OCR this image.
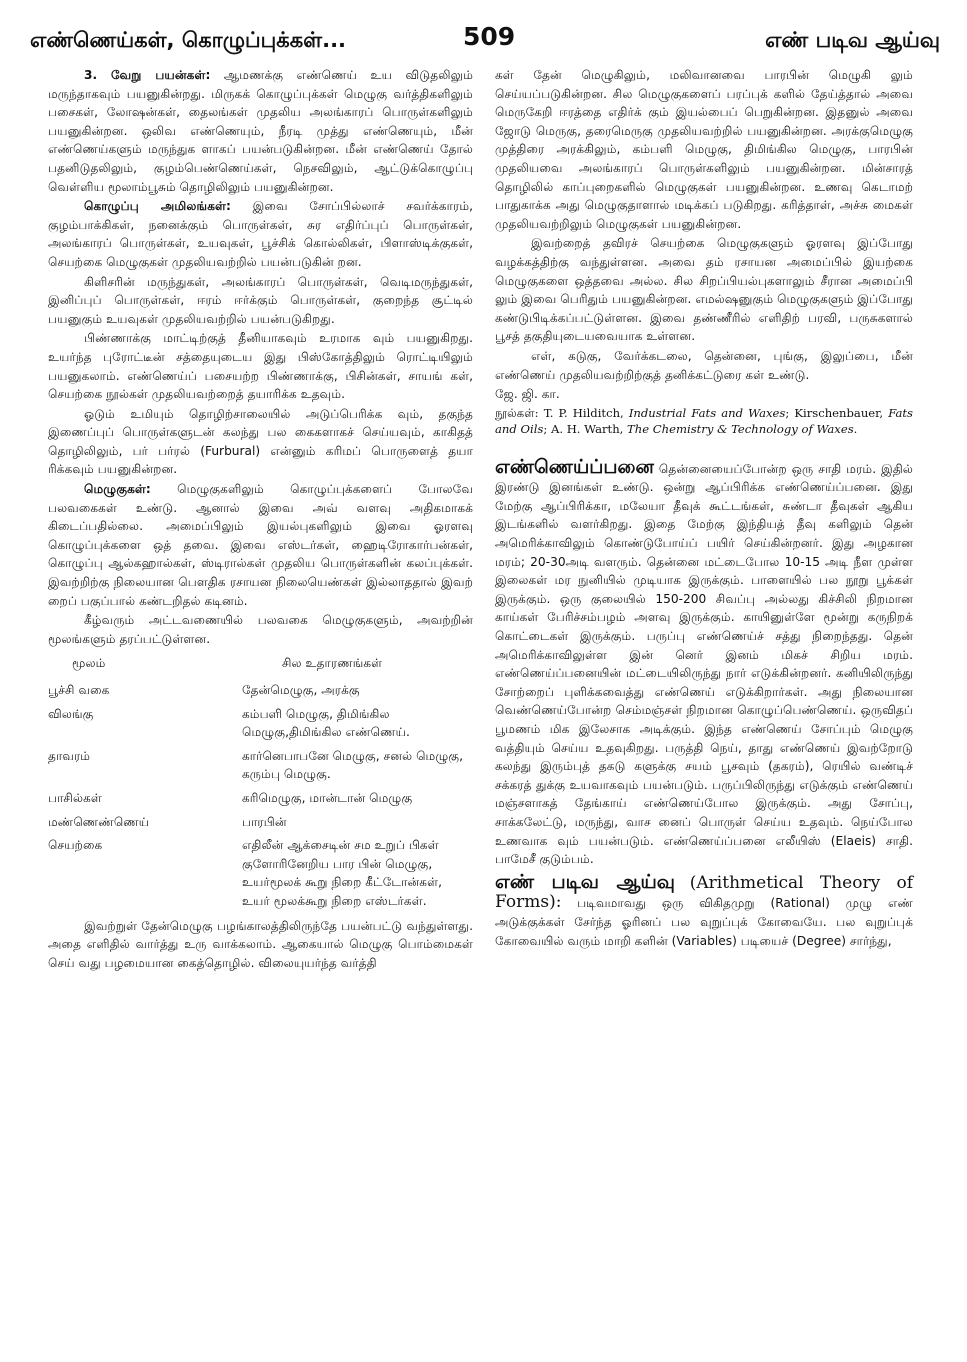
எண்ணெய்கள், கொழுப்புக்கள்...	509	எண் படிவ ஆய்வு

3. வேறு பயன்கள்: ஆமணக்கு எண்ணெய் உய விடுதலிலும் மருந்தாகவும் பயனுகின்றது. மிருகக் கொழுப்புக்கள் மெழுகு வர்த்திகளிலும் பசைகள், லோஷன்கள், தைலங்கள் முதலிய அலங்காரப் பொருள்களிலும் பயனுகின்றன. ஒலிவ எண்ணெயும், நீரடி முத்து எண்ணெயும், மீன் எண்ணெய்களும் மருந்துக ளாகப் பயன்படுகின்றன. மீன் எண்ணெய் தோல் பதனிடுதலிலும், குழம்பெண்ணெய்கள், நெசவிலும், ஆட்டுக்கொழுப்பு வெள்ளிய மூலாம்பூசும் தொழிலிலும் பயனுகின்றன.

கொழுப்பு அமிலங்கள்: இவை சோப்பில்லாச் சவர்க்காரம், குழம்பாக்கிகள், நனைக்கும் பொருள்கள், சுர எதிர்ப்புப் பொருள்கள், அலங்காரப் பொருள்கள், உயவுகள், பூச்சிக் கொல்லிகள், பிளாஸ்டிக்குகள், செயற்கை மெழுகுகள் முதலியவற்றில் பயன்படுகின் றன.

கிளிசரின் மருந்துகள், அலங்காரப் பொருள்கள், வெடிமருந்துகள், இனிப்புப் பொருள்கள், ஈரம் ஈர்க்கும் பொருள்கள், குறைந்த சூட்டில் பயனுகும் உயவுகள் முதலியவற்றில் பயன்படுகிறது.

பிண்ணாக்கு மாட்டிற்குத் தீனியாகவும் உரமாக வும் பயனுகிறது. உயர்ந்த புரோட்டீன் சத்தையுடைய இது பிஸ்கோத்திலும் ரொட்டியிலும் பயனுகலாம். எண்ணெய்ப் பசையற்ற பிண்ணாக்கு, பிசின்கள், சாயங் கள், செயற்கை நூல்கள் முதலியவற்றைத் தயாரிக்க உதவும்.

ஓடும் உமியும் தொழிற்சாலையில் அடுப்பெரிக்க வும், தகுந்த இணைப்புப் பொருள்களுடன் கலந்து பல கைகளாகச் செய்யவும், காகிதத் தொழிலிலும், பர் பர்ரல் (Furbural) என்னும் கரிமப் பொருளைத் தயா ரிக்கவும் பயனுகின்றன.

மெழுகுகள்: மெழுகுகளிலும் கொழுப்புக்களைப் போலவே பலவகைகள் உண்டு. ஆனால் இவை அவ் வளவு அதிகமாகக் கிடைப்பதில்லை. அமைப்பிலும் இயல்புகளிலும் இவை ஓரளவு கொழுப்புக்களை ஒத் தவை. இவை எஸ்டர்கள், ஹைடிரோகார்பன்கள், கொழுப்பு ஆல்கஹால்கள், ஸ்டிரால்கள் முதலிய பொருள்களின் கலப்புக்கள். இவற்றிற்கு நிலையான பௌதிக ரசாயன நிலையெண்கள் இல்லாததால் இவற் றைப் பகுப்பால் கண்டறிதல் கடினம்.

கீழ்வரும் அட்டவணையில் பலவகை மெழுகுகளும், அவற்றின் மூலங்களும் தரப்பட்டுள்ளன.

மூலம்	சில உதாரணங்கள்
பூச்சி வகை	தேன்மெழுகு, அரக்கு
விலங்கு	கம்பளி மெழுகு, திமிங்கில மெழுகு,திமிங்கில எண்ணெய்.
தாவரம்	கார்னெபாபனே மெழுகு, சனல் மெழுகு, கரும்பு மெழுகு.
பாசில்கள்	கரிமெழுகு, மான்டான் மெழுகு
மண்ணெண்ணெய்	பாரபின்
செயற்கை	எதிலீன் ஆக்சைடின் சம உறுப் பிகள் குளோரினேறிய பார பின் மெழுகு, உயர்மூலக் கூறு நிறை கீட்டோன்கள், உயர் மூலக்கூறு நிறை எஸ்டர்கள்.

இவற்றுள் தேன்மெழுகு பழங்காலத்திலிருந்தே பயன்பட்டு வந்துள்ளது. அதை எளிதில் வார்த்து உரு வாக்கலாம். ஆகையால் மெழுகு பொம்மைகள் செய் வது பழமையான கைத்தொழில். விலையுயர்ந்த வர்த்தி

கள் தேன் மெழுகிலும், மலிவானவை பாரபின் மெழுகி லும் செய்யப்படுகின்றன. சில மெழுகுகளைப் பரப்புக் களில் தேய்த்தால் அவை மெருகேறி ஈரத்தை எதிர்க் கும் இயல்பைப் பெறுகின்றன. இதனுல் அவை ஜோடு மெருகு, தரைமெருகு முதலியவற்றில் பயனுகின்றன. அரக்குமெழுகு முத்திரை அரக்கிலும், கம்பளி மெழுகு, திமிங்கில மெழுகு, பாரபின் முதலியவை அலங்காரப் பொருள்களிலும் பயனுகின்றன. மின்சாரத் தொழிலில் காப்புறைகளில் மெழுகுகள் பயனுகின்றன. உணவு கெடாமற் பாதுகாக்க அது மெழுகுதாளால் மடிக்கப் படுகிறது. கரித்தாள், அச்சு மைகள் முதலியவற்றிலும் மெழுகுகள் பயனுகின்றன.

இவற்றைத் தவிரச் செயற்கை மெழுகுகளும் ஓரளவு இப்போது வழக்கத்திற்கு வந்துள்ளன. அவை தம் ரசாயன அமைப்பில் இயற்கை மெழுகுகளை ஒத்தவை அல்ல. சில சிறப்பியல்புகளாலும் சீரான அமைப்பி லும் இவை பெரிதும் பயனுகின்றன. எமல்ஷனுகும் மெழுகுகளும் இப்போது கண்டுபிடிக்கப்பட்டுள்ளன. இவை தண்ணீரில் எளிதிற் பரவி, பருசுகளால் பூசத் தகுதியுடையவையாக உள்ளன.

எள், கடுகு, வேர்க்கடலை, தென்னை, புங்கு, இலுப்பை, மீன் எண்ணெய் முதலியவற்றிற்குத் தனிக்கட்டுரை கள் உண்டு.

ஜே. ஜி. கா.

நூல்கள்: T. P. Hilditch, Industrial Fats and Waxes; Kirschenbauer, Fats and Oils; A. H. Warth, The Chemistry & Technology of Waxes.

எண்ணெய்ப்பனை தென்னையைப்போன்ற ஒரு சாதி மரம். இதில் இரண்டு இனங்கள் உண்டு. ஒன்று ஆப்பிரிக்க எண்ணெய்ப்பனை. இது மேற்கு ஆப்பிரிக்கா, மலேயா தீவுக் கூட்டங்கள், சுண்டா தீவுகள் ஆகிய இடங்களில் வளர்கிறது. இதை மேற்கு இந்தியத் தீவு களிலும் தென் அமெரிக்காவிலும் கொண்டுபோய்ப் பயிர் செய்கின்றனர். இது அழகான மரம்; 20-30அடி வளரும். தென்னை மட்டைபோல 10-15 அடி நீள முள்ள இலைகள் மர நுனியில் முடியாக இருக்கும். பாளையில் பல நூறு பூக்கள் இருக்கும். ஒரு குலையில் 150-200 சிவப்பு அல்லது கிச்சிலி நிறமான காய்கள் பேரிச்சம்பழம் அளவு இருக்கும். காயினுள்ளே மூன்று கருநிறக் கொட்டைகள் இருக்கும். பருப்பு எண்ணெய்ச் சத்து நிறைந்தது. தென் அமெரிக்காவிலுள்ள இன் னெர் இனம் மிகச் சிறிய மரம். எண்ணெய்ப்பனையின் மட்டையிலிருந்து நார் எடுக்கின்றனர். கனியிலிருந்து சோற்றைப் புளிக்கவைத்து எண்ணெய் எடுக்கிறார்கள். அது நிலையான வெண்ணெய்போன்ற செம்மஞ்சள் நிறமான கொழுப்பெண்ணெய். ஒருவிதப் பூமணம் மிக இலேசாக அடிக்கும். இந்த எண்ணெய் சோப்பும் மெழுகு வத்தியும் செய்ய உதவுகிறது. பருத்தி நெய், தாது எண்ணெய் இவற்றோடு கலந்து இரும்புத் தகடு களுக்கு சயம் பூசவும் (தகரம்), ரெயில் வண்டிச் சக்கரத் துக்கு உயவாகவும் பயன்படும். பருப்பிலிருந்து எடுக்கும் எண்ணெய் மஞ்சளாகத் தேங்காய் எண்ணெய்போல இருக்கும். அது சோப்பு, சாக்கலேட்டு, மருந்து, வாச னைப் பொருள் செய்ய உதவும். நெய்போல உணவாக வும் பயன்படும். எண்ணெய்ப்பனை எலீயிஸ் (Elaeis) சாதி. பாமேசீ குடும்பம்.

எண் படிவ ஆய்வு (Arithmetical Theory of Forms): படிவமாவது ஒரு விகிதமுறு (Rational) முழு எண் அடுக்குக்கள் சேர்ந்த ஓரினப் பல வுறுப்புக் கோவையே. பல வுறுப்புக் கோவையில் வரும் மாறி களின் (Variables) படியைச் (Degree) சார்ந்து,
